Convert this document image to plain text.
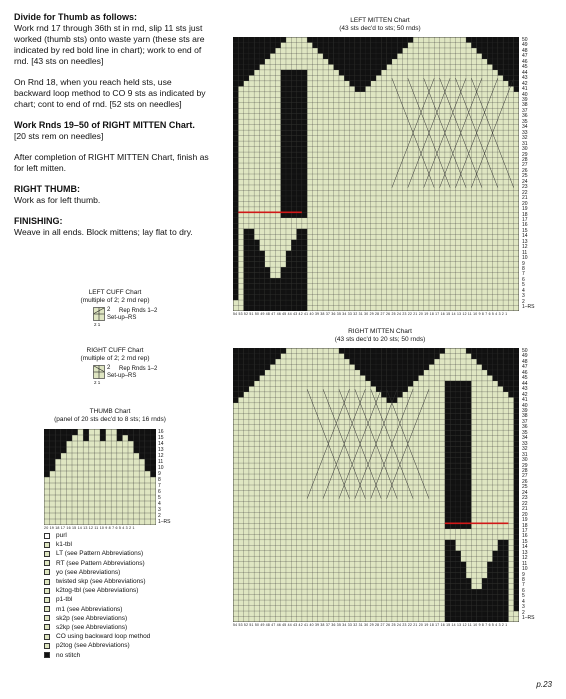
Divide for Thumb as follows:

Work rnd 17 through 36th st in rnd, slip 11 sts just worked (thumb sts) onto waste yarn (these sts are indicated by red bold line in chart); work to end of rnd. [43 sts on needles]

On Rnd 18, when you reach held sts, use backward loop method to CO 9 sts as indicated by chart; cont to end of rnd. [52 sts on needles]

Work Rnds 19–50 of RIGHT MITTEN Chart.

[20 sts rem on needles]

After completion of RIGHT MITTEN Chart, finish as for left mitten.

RIGHT THUMB:

Work as for left thumb.

FINISHING:

Weave in all ends. Block mittens; lay flat to dry.

LEFT CUFF Chart
(multiple of 2; 2 rnd rep)
2 Rep Rnds 1–2
Set-up–RS
2 1
RIGHT CUFF Chart
(multiple of 2; 2 rnd rep)
2 Rep Rnds 1–2
Set-up–RS
2 1
THUMB Chart
(panel of 20 sts dec'd to 8 sts; 16 rnds)
16
15
14
13
12
11
10
9
8
7
6
5
4
3
2
1–RS
20 19 18 17 16 15 14 13 12 11 10 9 8 7 6 5 4 3 2 1
purl
k1-tbl
LT (see Pattern Abbreviations)
RT (see Pattern Abbreviations)
yo (see Abbreviations)
twisted skp (see Abbreviations)
k2tog-tbl (see Abbreviations)
p1-tbl
m1 (see Abbreviations)
sk2p (see Abbreviations)
s2kp (see Abbreviations)
CO using backward loop method
p2tog (see Abbreviations)
no stitch
LEFT MITTEN Chart
(43 sts dec'd to sts; 50 rnds)
50
49
48
47
46
45
44
43
42
41
40
39
38
37
36
35
34
33
32
31
30
29
28
27
26
25
24
23
22
21
20
19
18
17
16
15
14
13
12
11
10
9
8
7
6
5
4
3
2
1–RS
54 53 52 51 50 49 48 47 46 45 44 43 42 41 40 39 38 37 36 35 34 33 32 31 30 29 28 27 26 25 24 23 22 21 20 19 18 17 16 15 14 13 12 11 10 9 8 7 6 5 4 3 2 1
RIGHT MITTEN Chart
(43 sts dec'd to 20 sts; 50 rnds)
50
49
48
47
46
45
44
43
42
41
40
39
38
37
36
35
34
33
32
31
30
29
28
27
26
25
24
23
22
21
20
19
18
17
16
15
14
13
12
11
10
9
8
7
6
5
4
3
2
1–RS
54 53 52 51 50 49 48 47 46 45 44 43 42 41 40 39 38 37 36 35 34 33 32 31 30 29 28 27 26 25 24 23 22 21 20 19 18 17 16 15 14 13 12 11 10 9 8 7 6 5 4 3 2 1
p.23
